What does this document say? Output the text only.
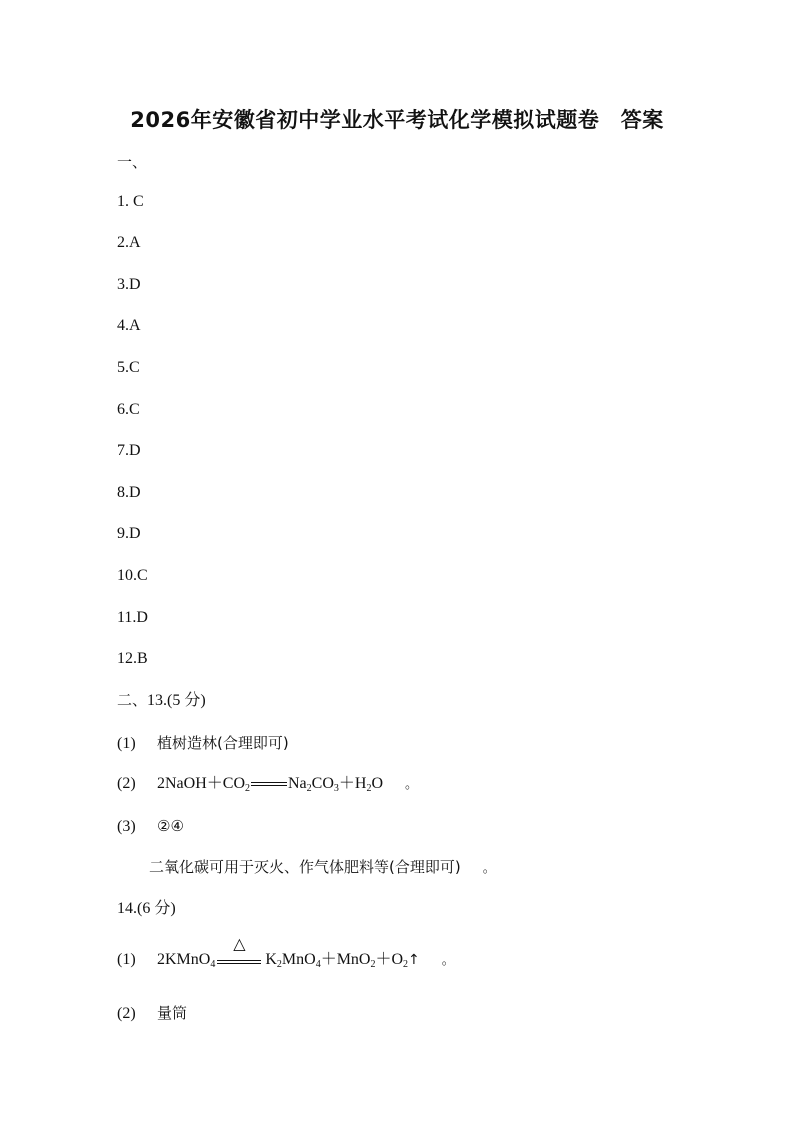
2026年安徽省初中学业水平考试化学模拟试题卷　答案
一、
1. C
2.A
3.D
4.A
5.C
6.C
7.D
8.D
9.D
10.C
11.D
12.B
二、13.(5 分)
(1) 植树造林(合理即可)
(2) $2NaOH+CO_2$ $Na_2CO_3+H_2O$ 。
(3) ②④
二氧化碳可用于灭火、作气体肥料等(合理即可) 。
14.(6 分)
(1) 2KMnO$_4$
△
$K_2MnO_4+MnO_2+O_2↑$ 。
(2) 量筒
